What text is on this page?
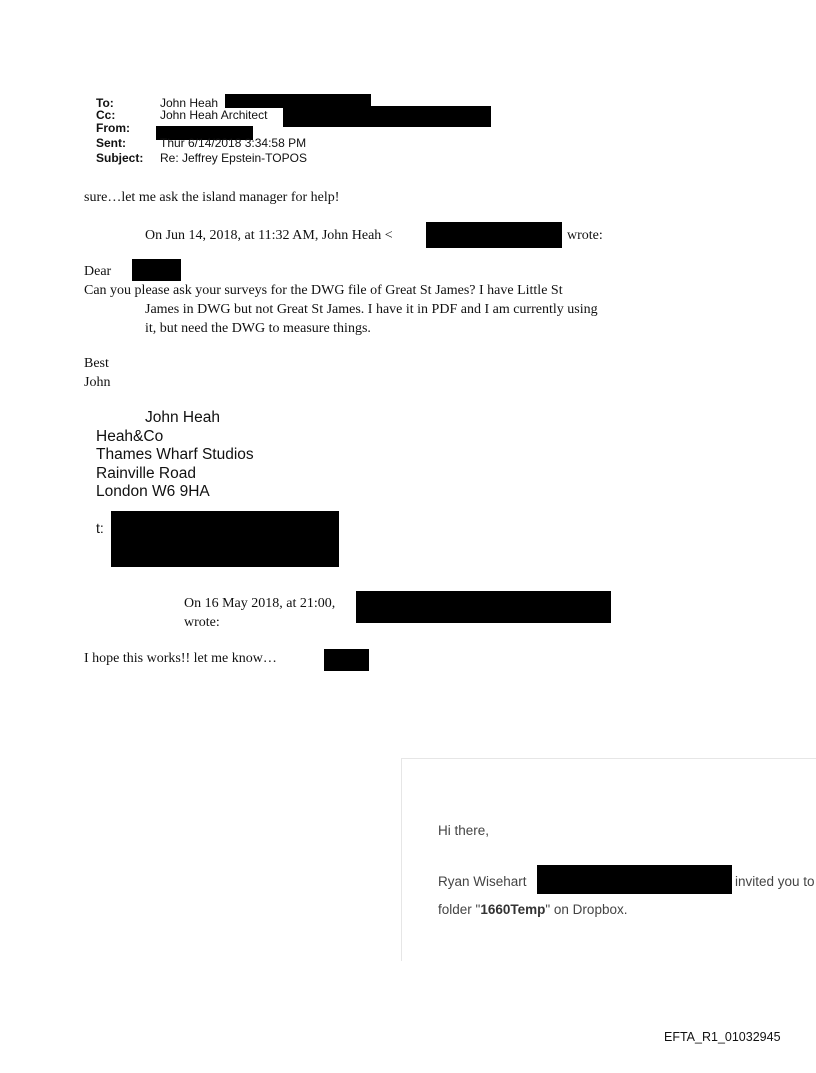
To:	John Heah
Cc:	John Heah Architect
From:
Sent:	Thur 6/14/2018 3:34:58 PM
Subject: Re: Jeffrey Epstein-TOPOS
sure…let me ask the island manager for help!
On Jun 14, 2018, at 11:32 AM, John Heah <	wrote:
Dear
Can you please ask your surveys for the DWG file of Great St James? I have Little St
James in DWG but not Great St James. I have it in PDF and I am currently using
it, but need the DWG to measure things.
Best
John
John Heah
Heah&Co
Thames Wharf Studios
Rainville Road
London W6 9HA
t:
On 16 May 2018, at 21:00,
wrote:
I hope this works!! let me know…
Hi there,
Ryan Wisehart	invited you to
folder "1660Temp" on Dropbox.
EFTA_R1_01032945
